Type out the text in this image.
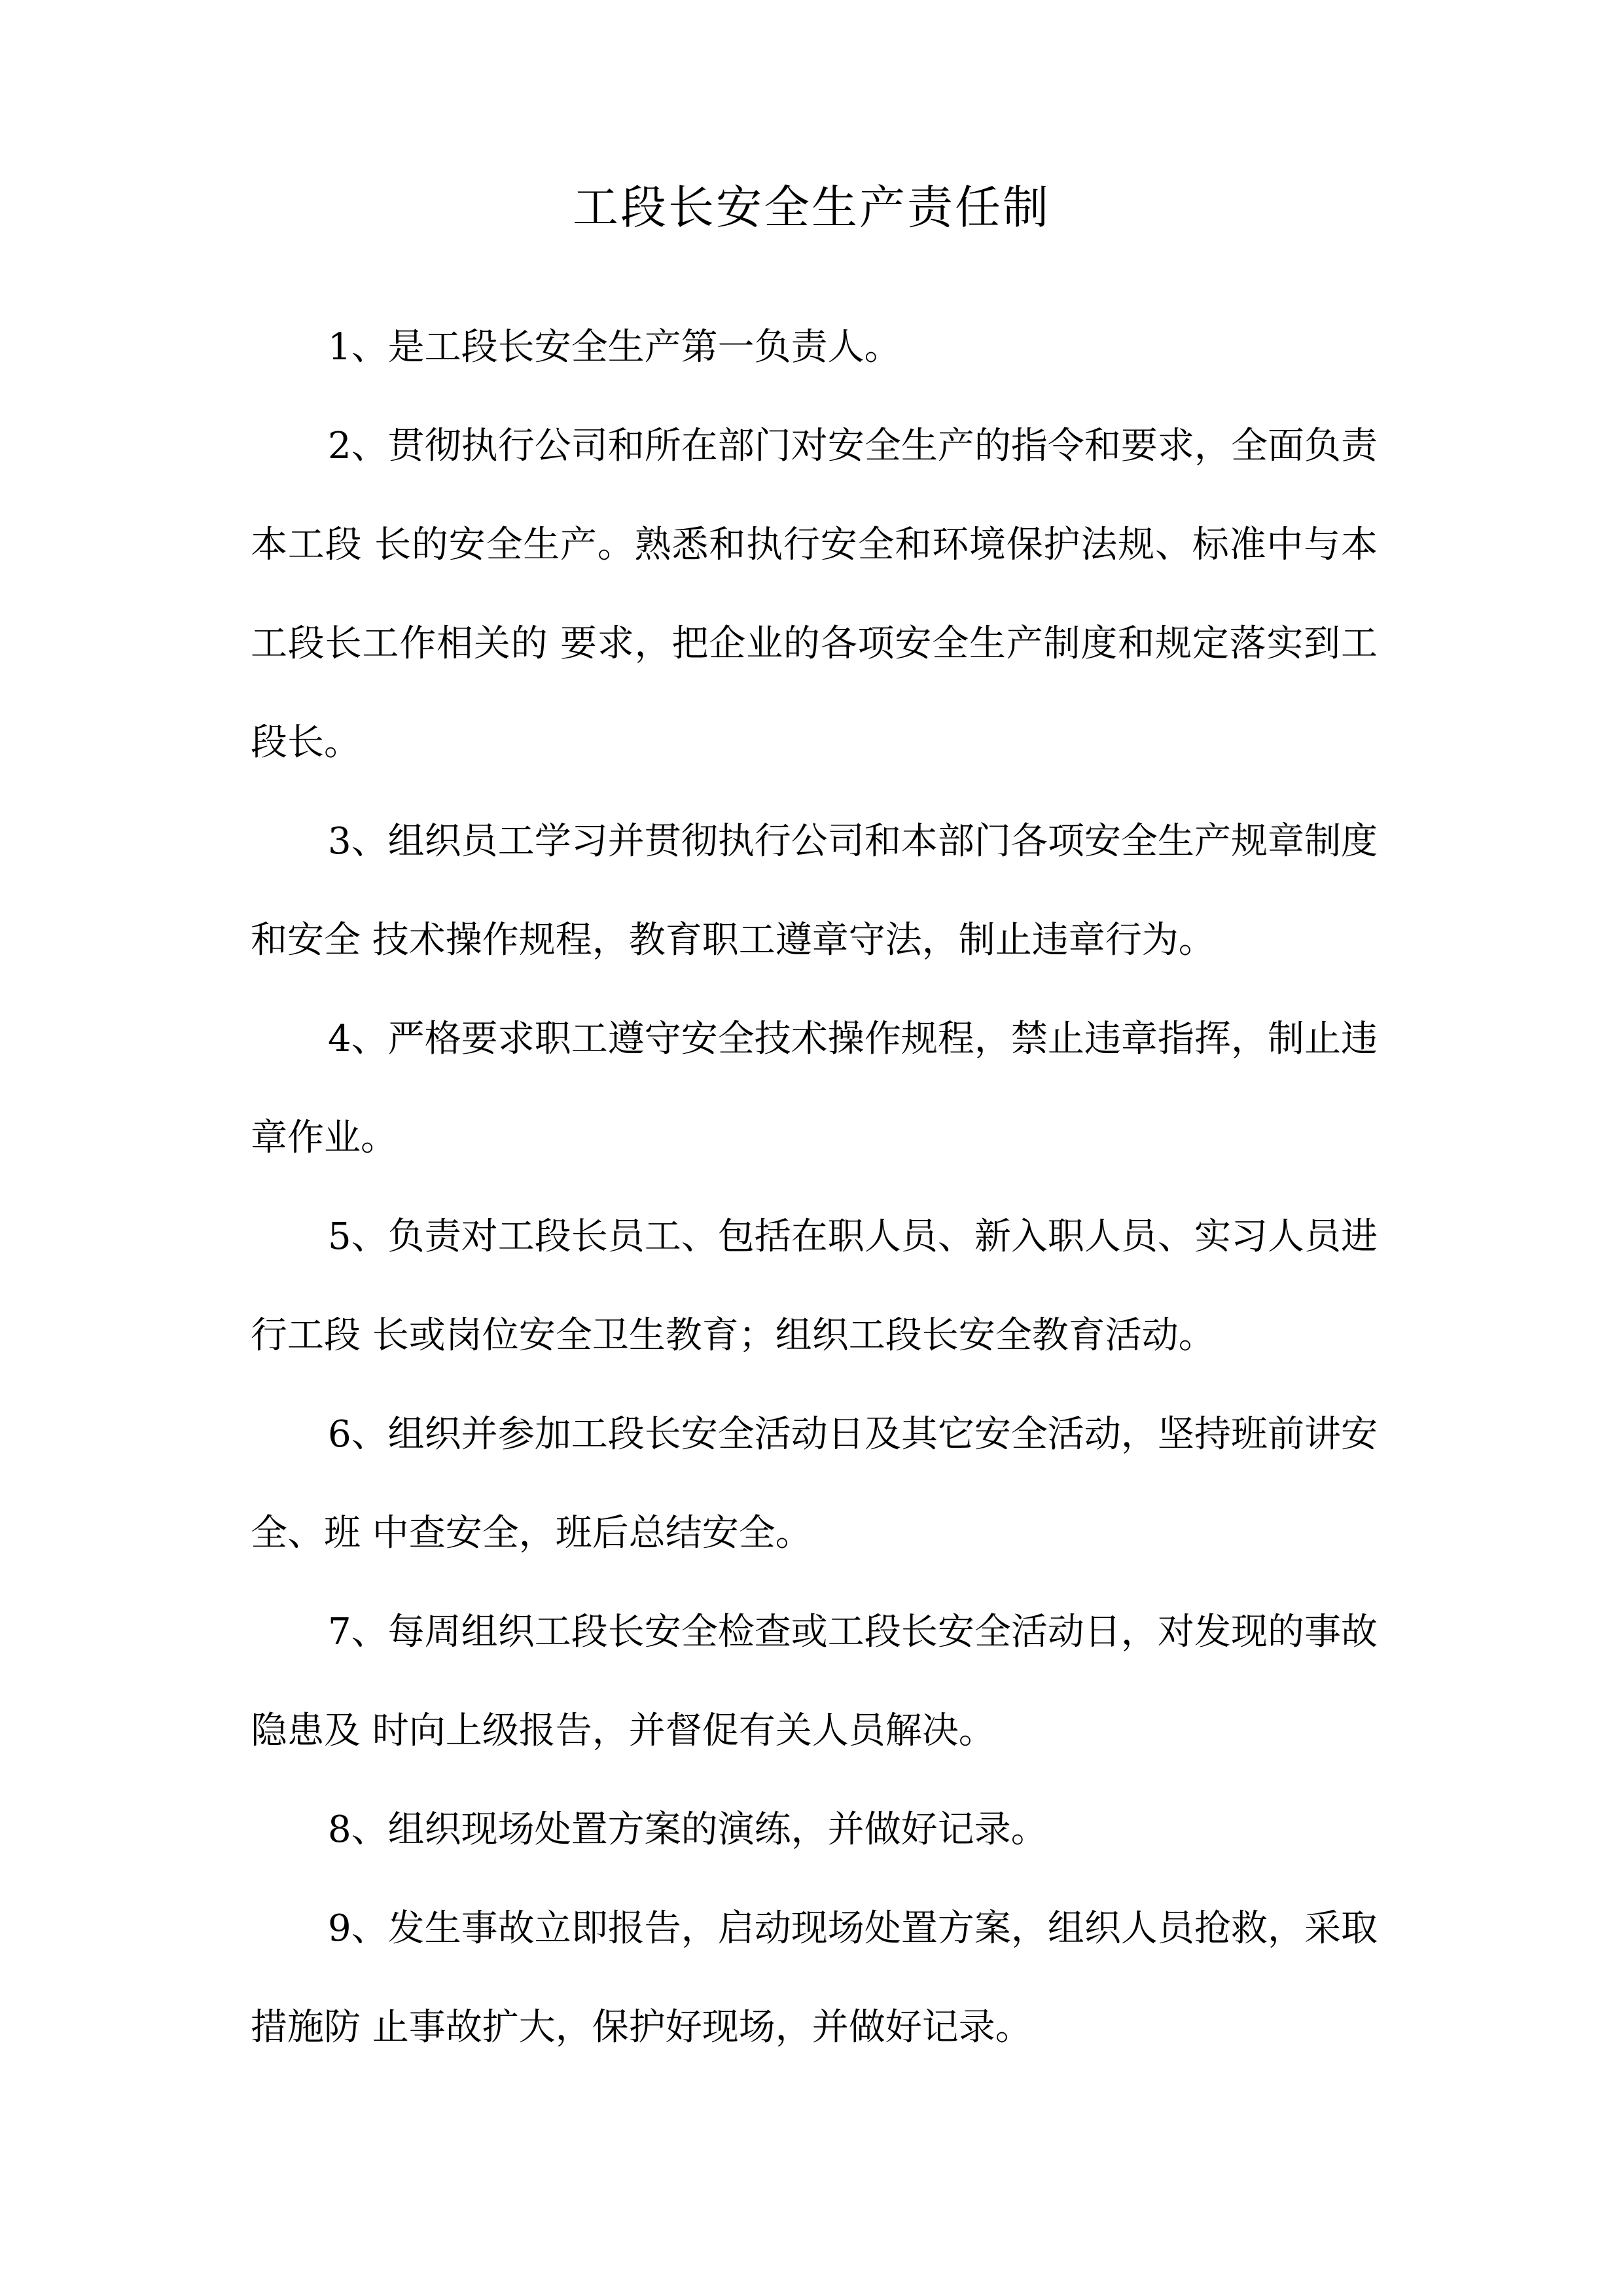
工段长安全生产责任制

1、是工段长安全生产第一负责人。

2、贯彻执行公司和所在部门对安全生产的指令和要求，全面负责本工段 长的安全生产。熟悉和执行安全和环境保护法规、标准中与本工段长工作相关的 要求，把企业的各项安全生产制度和规定落实到工段长。

3、组织员工学习并贯彻执行公司和本部门各项安全生产规章制度和安全 技术操作规程，教育职工遵章守法，制止违章行为。

4、严格要求职工遵守安全技术操作规程，禁止违章指挥，制止违章作业。

5、负责对工段长员工、包括在职人员、新入职人员、实习人员进行工段 长或岗位安全卫生教育；组织工段长安全教育活动。

6、组织并参加工段长安全活动日及其它安全活动，坚持班前讲安全、班 中查安全，班后总结安全。

7、每周组织工段长安全检查或工段长安全活动日，对发现的事故隐患及 时向上级报告，并督促有关人员解决。

8、组织现场处置方案的演练，并做好记录。

9、发生事故立即报告，启动现场处置方案，组织人员抢救，采取措施防 止事故扩大，保护好现场，并做好记录。
